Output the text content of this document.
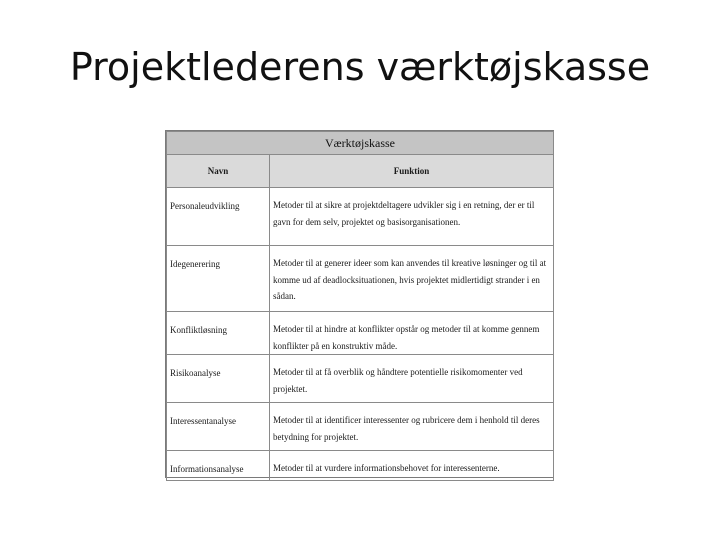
Projektlederens værktøjskasse
Værktøjskasse	
Navn	Funktion

Personaleudvikling	Metoder til at sikre at projektdeltagere udvikler sig i en retning, der er til gavn for dem selv, projektet og basisorganisationen.

Idegenerering	Metoder til at generer ideer som kan anvendes til kreative løsninger og til at komme ud af deadlocksituationen, hvis projektet midlertidigt strander i en sådan.

Konfliktløsning	Metoder til at hindre at konflikter opstår og metoder til at komme gennem konflikter på en konstruktiv måde.

Risikoanalyse	Metoder til at få overblik og håndtere potentielle risikomomenter ved projektet.

Interessentanalyse	Metoder til at identificer interessenter og rubricere dem i henhold til deres betydning for projektet.

Informationsanalyse	Metoder til at vurdere informationsbehovet for interessenterne.
